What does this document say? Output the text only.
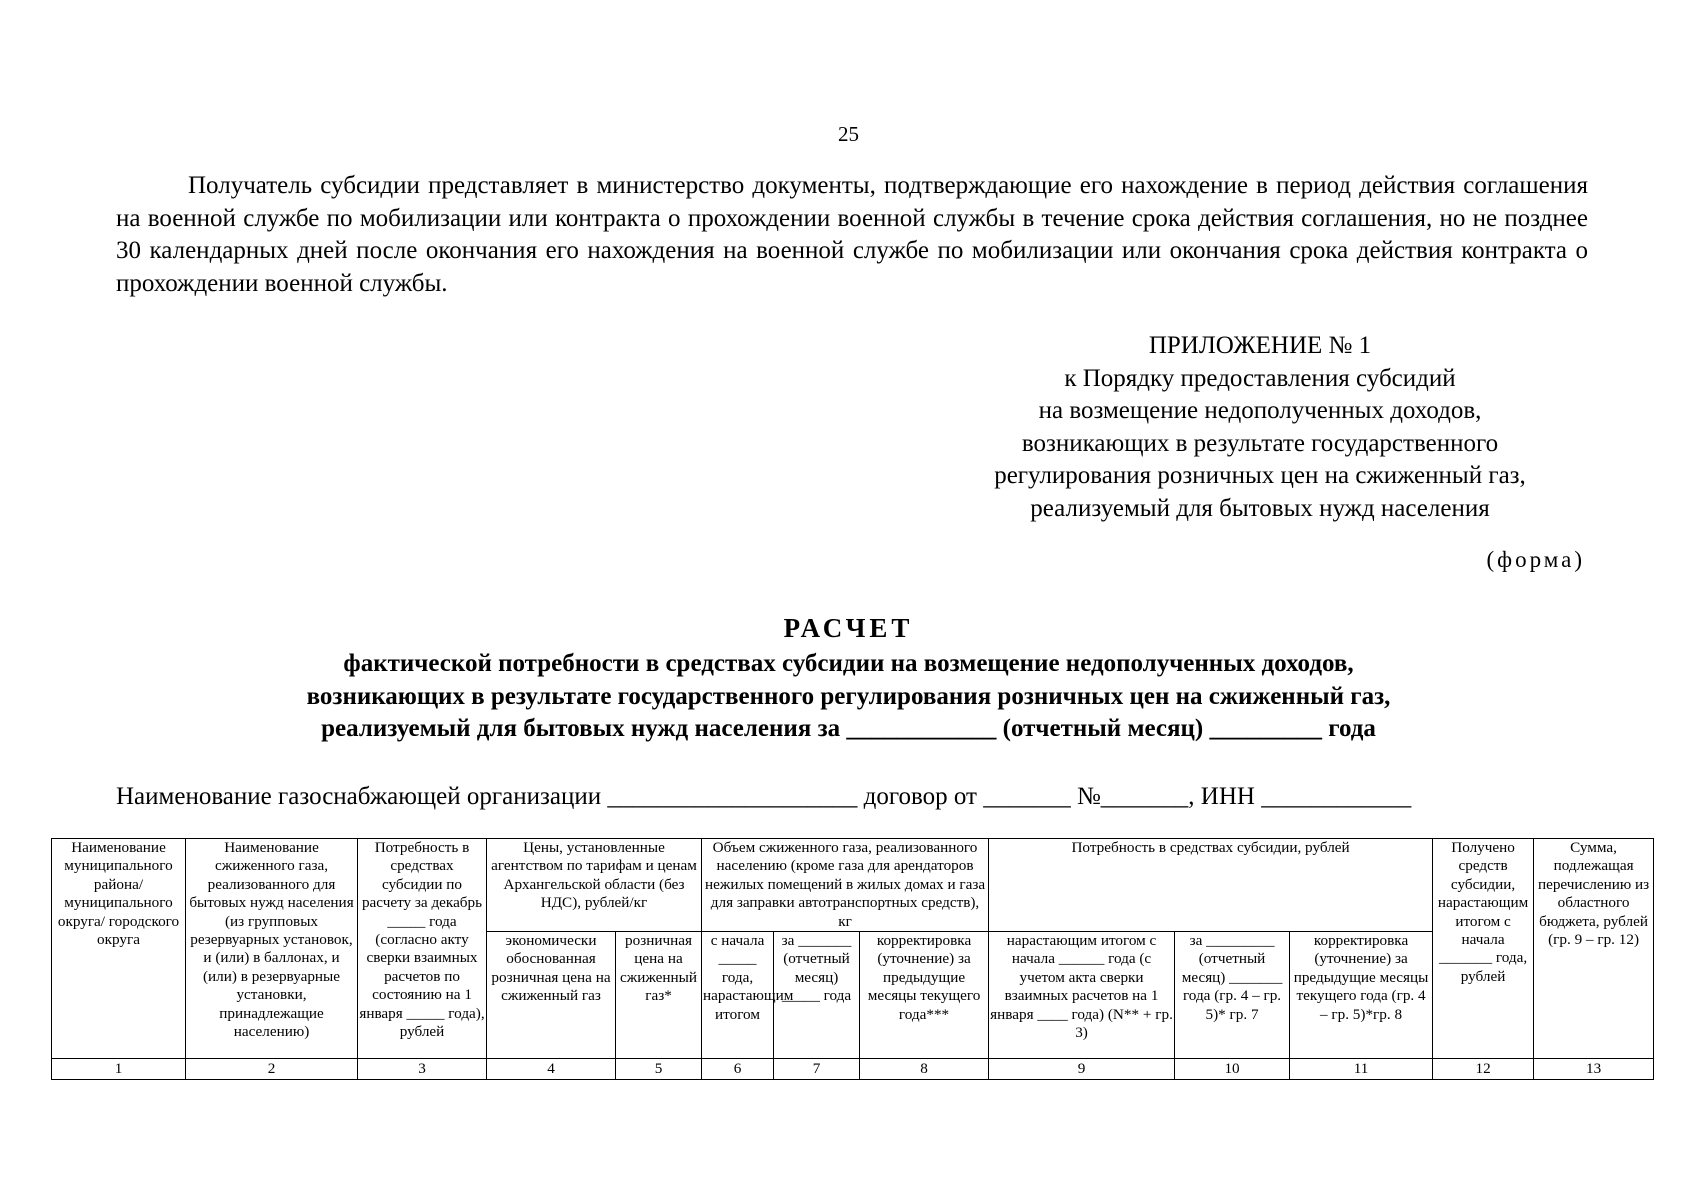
25

Получатель субсидии представляет в министерство документы, подтверждающие его нахождение в период действия соглашения на военной службе по мобилизации или контракта о прохождении военной службы в течение срока действия соглашения, но не позднее 30 календарных дней после окончания его нахождения на военной службе по мобилизации или окончания срока действия контракта о прохождении военной службы.

ПРИЛОЖЕНИЕ № 1
к Порядку предоставления субсидий
на возмещение недополученных доходов,
возникающих в результате государственного
регулирования розничных цен на сжиженный газ,
реализуемый для бытовых нужд населения
(форма)
РАСЧЕТ
фактической потребности в средствах субсидии на возмещение недополученных доходов,
возникающих в результате государственного регулирования розничных цен на сжиженный газ,
реализуемый для бытовых нужд населения за ____________ (отчетный месяц) _________ года
Наименование газоснабжающей организации ____________________ договор от _______ №_______, ИНН ____________
Наименование муниципального района/ муниципального округа/ городского округа	Наименование сжиженного газа, реализованного для бытовых нужд населения (из групповых резервуарных установок, и (или) в баллонах, и (или) в резервуарные установки, принадлежащие населению)	Потребность в средствах субсидии по расчету за декабрь _____ года (согласно акту сверки взаимных расчетов по состоянию на 1 января _____ года), рублей	Цены, установленные агентством по тарифам и ценам Архангельской области (без НДС), рублей/кг		Объем сжиженного газа, реализованного населению (кроме газа для арендаторов нежилых помещений в жилых домах и газа для заправки автотранспортных средств), кг			Потребность в средствах субсидии, рублей			Получено средств субсидии, нарастающим итогом с начала _______ года, рублей	Сумма, подлежащая перечислению из областного бюджета, рублей (гр. 9 – гр. 12)
			экономически обоснованная розничная цена на сжиженный газ	розничная цена на сжиженный газ*	с начала _____ года, нарастающим итогом	за _______ (отчетный месяц) _____ года	корректировка (уточнение) за предыдущие месяцы текущего года***	нарастающим итогом с начала ______ года (с учетом акта сверки взаимных расчетов на 1 января ____ года) (N** + гр. 3)	за _________ (отчетный месяц) _______ года (гр. 4 – гр. 5)* гр. 7	корректировка (уточнение) за предыдущие месяцы текущего года (гр. 4 – гр. 5)*гр. 8		
1	2	3	4	5	6	7	8	9	10	11	12	13
